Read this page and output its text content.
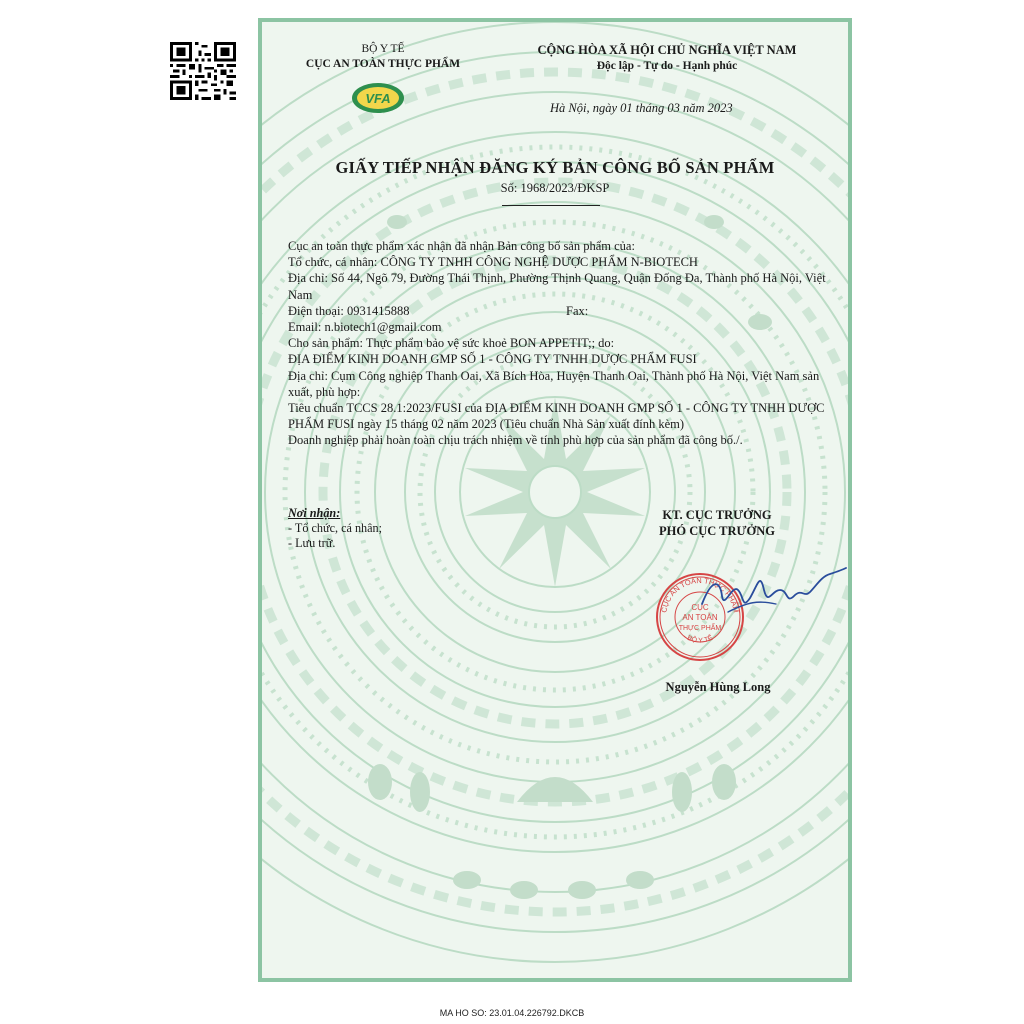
BỘ Y TẾ
CỤC AN TOÀN THỰC PHẨM
VFA
CỘNG HÒA XÃ HỘI CHỦ NGHĨA VIỆT NAM
Độc lập - Tự do - Hạnh phúc
Hà Nội, ngày 01 tháng 03 năm 2023
GIẤY TIẾP NHẬN ĐĂNG KÝ BẢN CÔNG BỐ SẢN PHẨM
Số: 1968/2023/ĐKSP
Cục an toàn thực phẩm xác nhận đã nhận Bản công bố sản phẩm của:
Tổ chức, cá nhân: CÔNG TY TNHH CÔNG NGHỆ DƯỢC PHẨM N-BIOTECH
Địa chỉ: Số 44, Ngõ 79, Đường Thái Thịnh, Phường Thịnh Quang, Quận Đống Đa, Thành phố Hà Nội, Việt Nam
Điện thoại: 0931415888	Fax:
Email: n.biotech1@gmail.com
Cho sản phẩm: Thực phẩm bảo vệ sức khoẻ BON APPETIT;; do:
ĐỊA ĐIỂM KINH DOANH GMP SỐ 1 - CÔNG TY TNHH DƯỢC PHẨM FUSI
Địa chỉ: Cụm Công nghiệp Thanh Oai, Xã Bích Hòa, Huyện Thanh Oai, Thành phố Hà Nội, Việt Nam sản xuất, phù hợp:
Tiêu chuẩn TCCS 28.1:2023/FUSI của ĐỊA ĐIỂM KINH DOANH GMP SỐ 1 - CÔNG TY TNHH DƯỢC PHẨM FUSI ngày 15 tháng 02 năm 2023 (Tiêu chuẩn Nhà Sản xuất đính kèm)
Doanh nghiệp phải hoàn toàn chịu trách nhiệm về tính phù hợp của sản phẩm đã công bố./.
Nơi nhận:
- Tổ chức, cá nhân;
- Lưu trữ.
KT. CỤC TRƯỞNG
PHÓ CỤC TRƯỞNG
CỤC AN TOÀN THỰC PHẨM
BỘ Y TẾ
CỤC
AN TOÀN
THỰC PHẨM
ng thuue
Nguyễn Hùng Long
MA HO SO: 23.01.04.226792.DKCB
